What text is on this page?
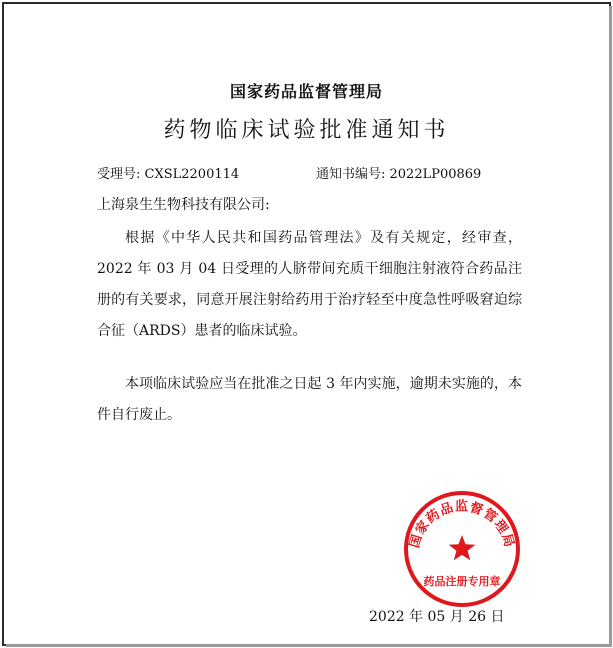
国家药品监督管理局
药物临床试验批准通知书
受理号: CXSL2200114	通知书编号: 2022LP00869
上海泉生生物科技有限公司:
根据《中华人民共和国药品管理法》及有关规定，经审查，2022 年 03 月 04 日受理的人脐带间充质干细胞注射液符合药品注册的有关要求，同意开展注射给药用于治疗轻至中度急性呼吸窘迫综合征（ARDS）患者的临床试验。
本项临床试验应当在批准之日起 3 年内实施，逾期未实施的，本件自行废止。
国家药品监督管理局
药品注册专用章
2022 年 05 月 26 日
